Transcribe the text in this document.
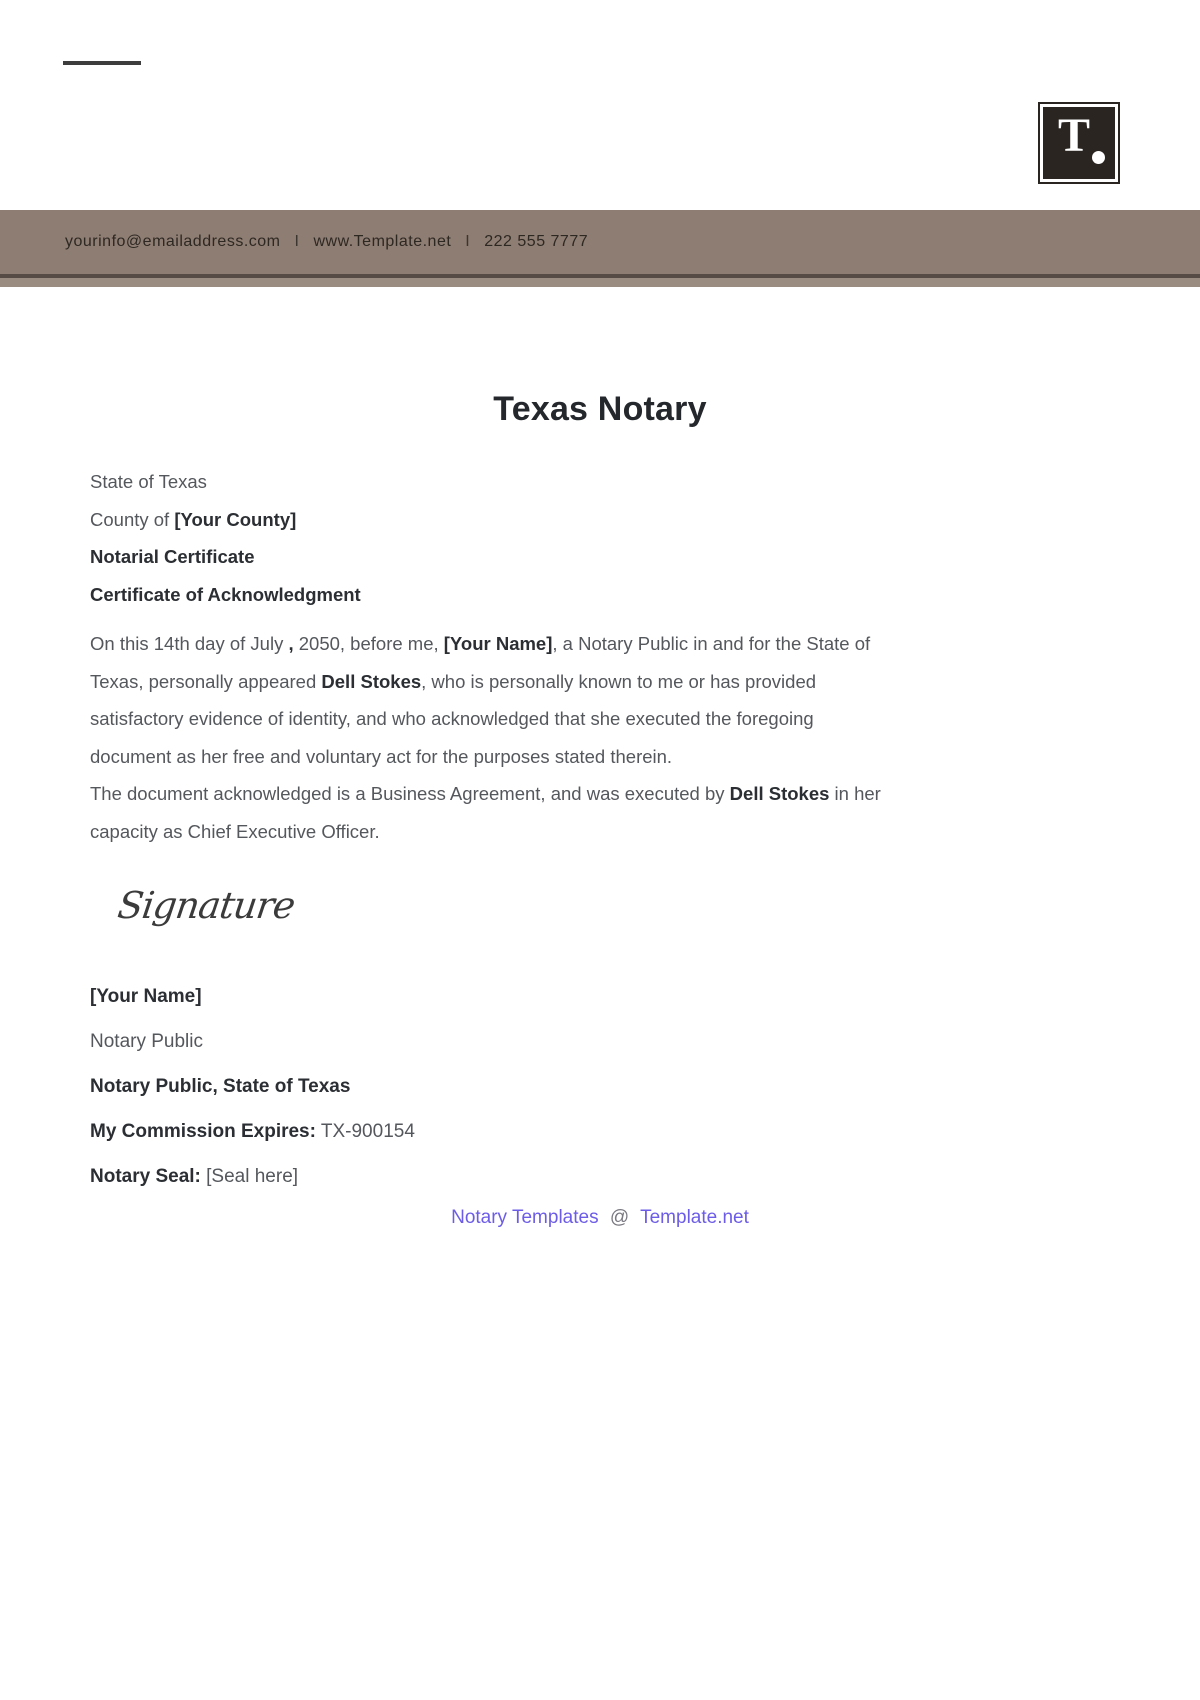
T
yourinfo@emailaddress.com I www.Template.net I 222 555 7777
Texas Notary
State of Texas
County of [Your County]
Notarial Certificate
Certificate of Acknowledgment
On this 14th day of July , 2050, before me, [Your Name], a Notary Public in and for the State of
Texas, personally appeared Dell Stokes, who is personally known to me or has provided
satisfactory evidence of identity, and who acknowledged that she executed the foregoing
document as her free and voluntary act for the purposes stated therein.
The document acknowledged is a Business Agreement, and was executed by Dell Stokes in her
capacity as Chief Executive Officer.
Signature
[Your Name]
Notary Public
Notary Public, State of Texas
My Commission Expires: TX-900154
Notary Seal: [Seal here]
Notary Templates @ Template.net
